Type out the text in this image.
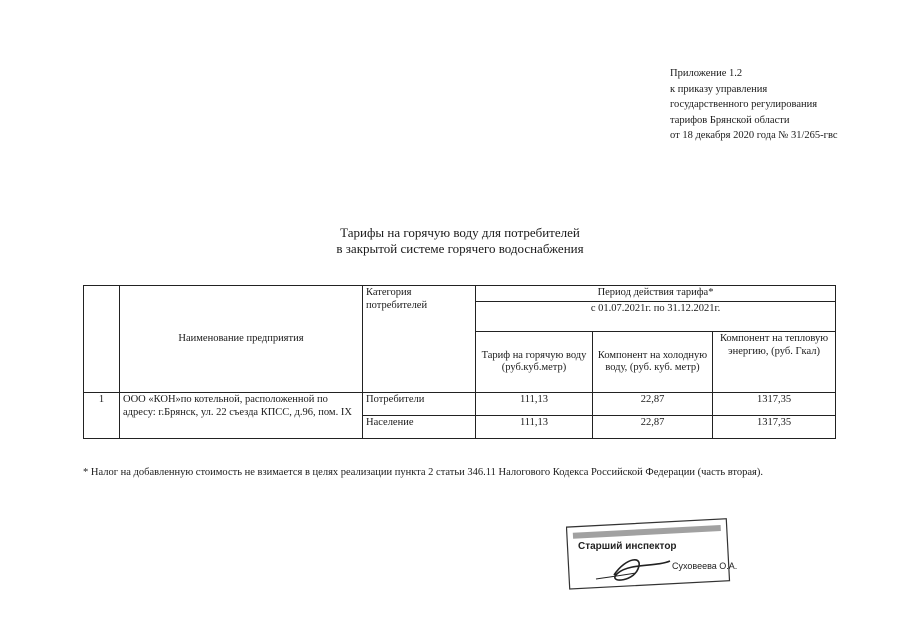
Приложение 1.2
к приказу управления
государственного регулирования
тарифов Брянской области
от 18 декабря 2020 года № 31/265-гвс
Тарифы на горячую воду для потребителей
в закрытой системе горячего водоснабжения
	Наименование предприятия	Категория потребителей	Период действия тарифа*		
			с 01.07.2021г. по 31.12.2021г.		

			Тариф на горячую воду (руб.куб.метр)	Компонент на холодную воду, (руб. куб. метр)	Компонент на тепловую энергию, (руб. Гкал)

1	ООО «КОН»по котельной, расположенной по адресу: г.Брянск, ул. 22 съезда КПСС, д.96, пом. IX	Потребители	111,13	22,87	1317,35
		Население	111,13	22,87	1317,35
* Налог на добавленную стоимость не взимается в целях реализации пункта 2 статьи 346.11 Налогового Кодекса Российской Федерации (часть вторая).
Старший инспектор
Суховеева О.А.
